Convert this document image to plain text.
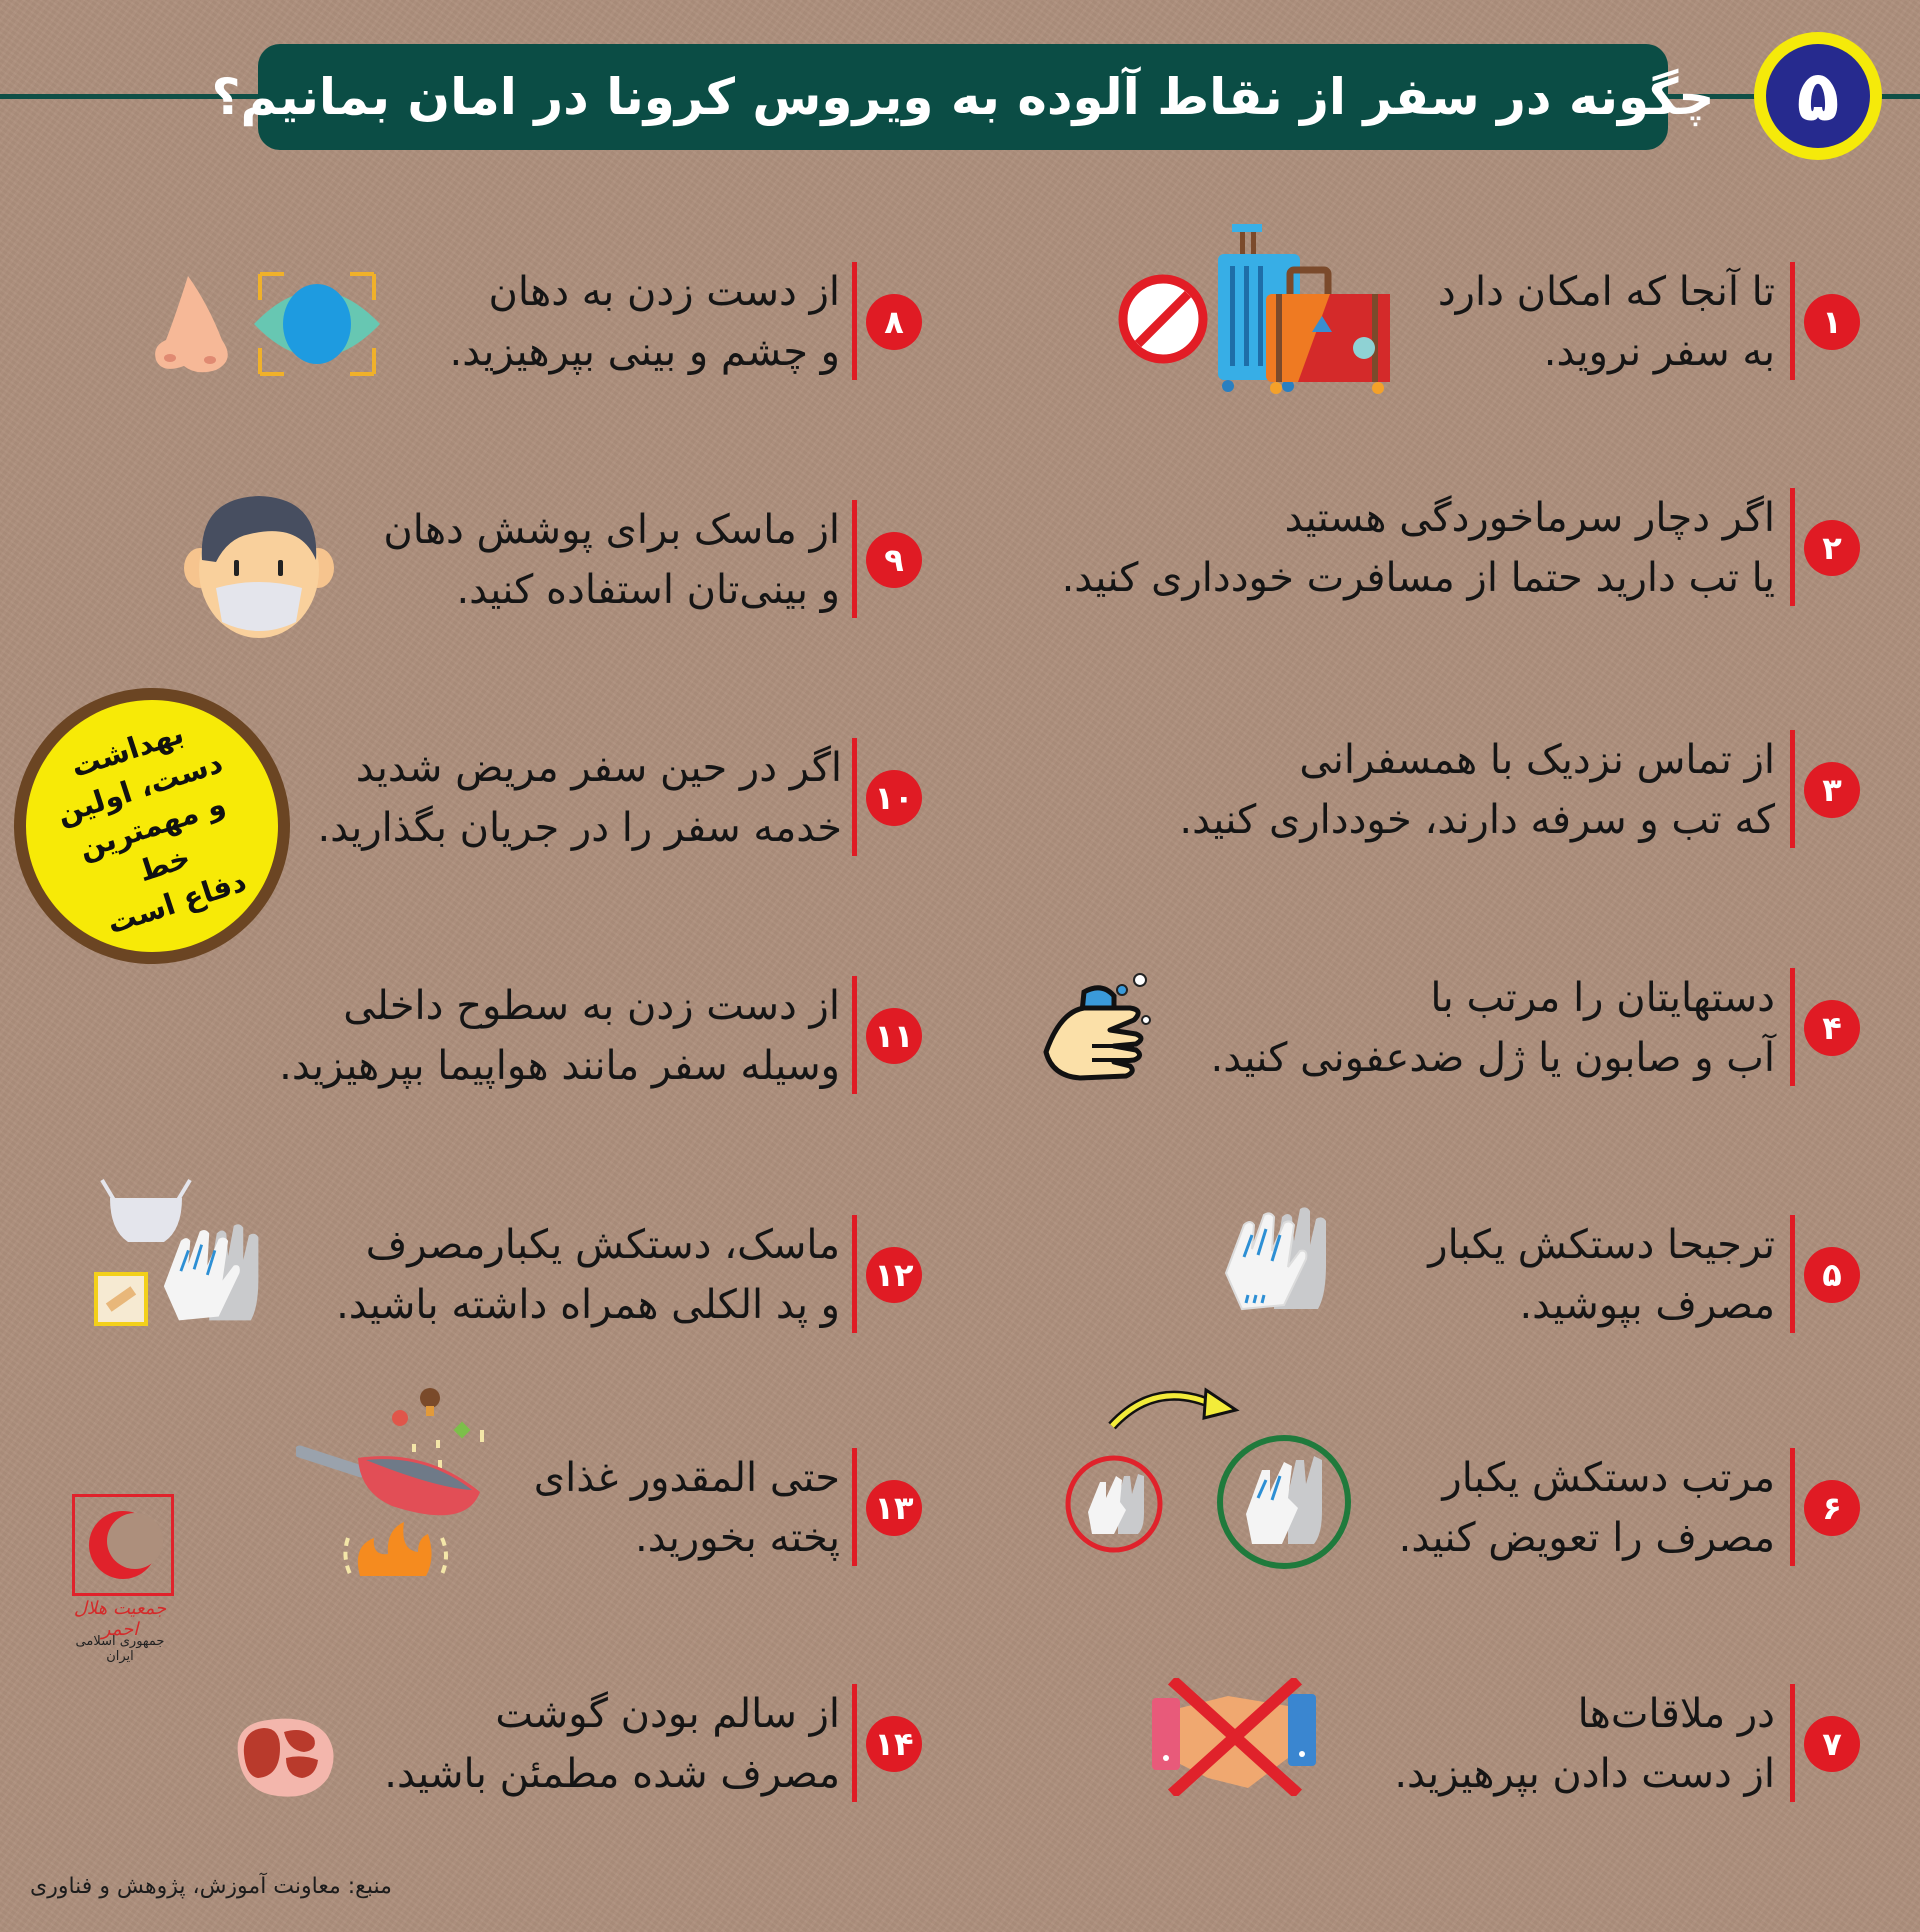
چگونه در سفر از نقاط آلوده به ویروس کرونا در امان بمانیم؟	۵
۱
تا آنجا که امکان دارد
به سفر نروید.
۲
اگر دچار سرماخوردگی هستید
یا تب دارید حتما از مسافرت خودداری کنید.
۳
از تماس نزدیک با همسفرانی
که تب و سرفه دارند، خودداری کنید.
۴
دستهایتان را مرتب با
آب و صابون یا ژل ضدعفونی کنید.
۵
ترجیحا دستکش یکبار
مصرف بپوشید.
۶
مرتب دستکش یکبار
مصرف را تعویض کنید.
۷
در ملاقات‌ها
از دست دادن بپرهیزید.
۸
از دست زدن به دهان
و چشم و بینی بپرهیزید.
۹
از ماسک برای پوشش دهان
و بینی‌تان استفاده کنید.
۱۰
اگر در حین سفر مریض شدید
خدمه سفر را در جریان بگذارید.
۱۱
از دست زدن به سطوح داخلی
وسیله سفر مانند هواپیما بپرهیزید.
۱۲
ماسک، دستکش یکبارمصرف
و پد الکلی همراه داشته باشید.
۱۳
حتی المقدور غذای
پخته بخورید.
۱۴
از سالم بودن گوشت
مصرف شده مطمئن باشید.
بهداشت
دست، اولین
و مهمترین خط
دفاع است
جمعیت هلال احمر
جمهوری اسلامی ایران
منبع: معاونت آموزش، پژوهش و فناوری
